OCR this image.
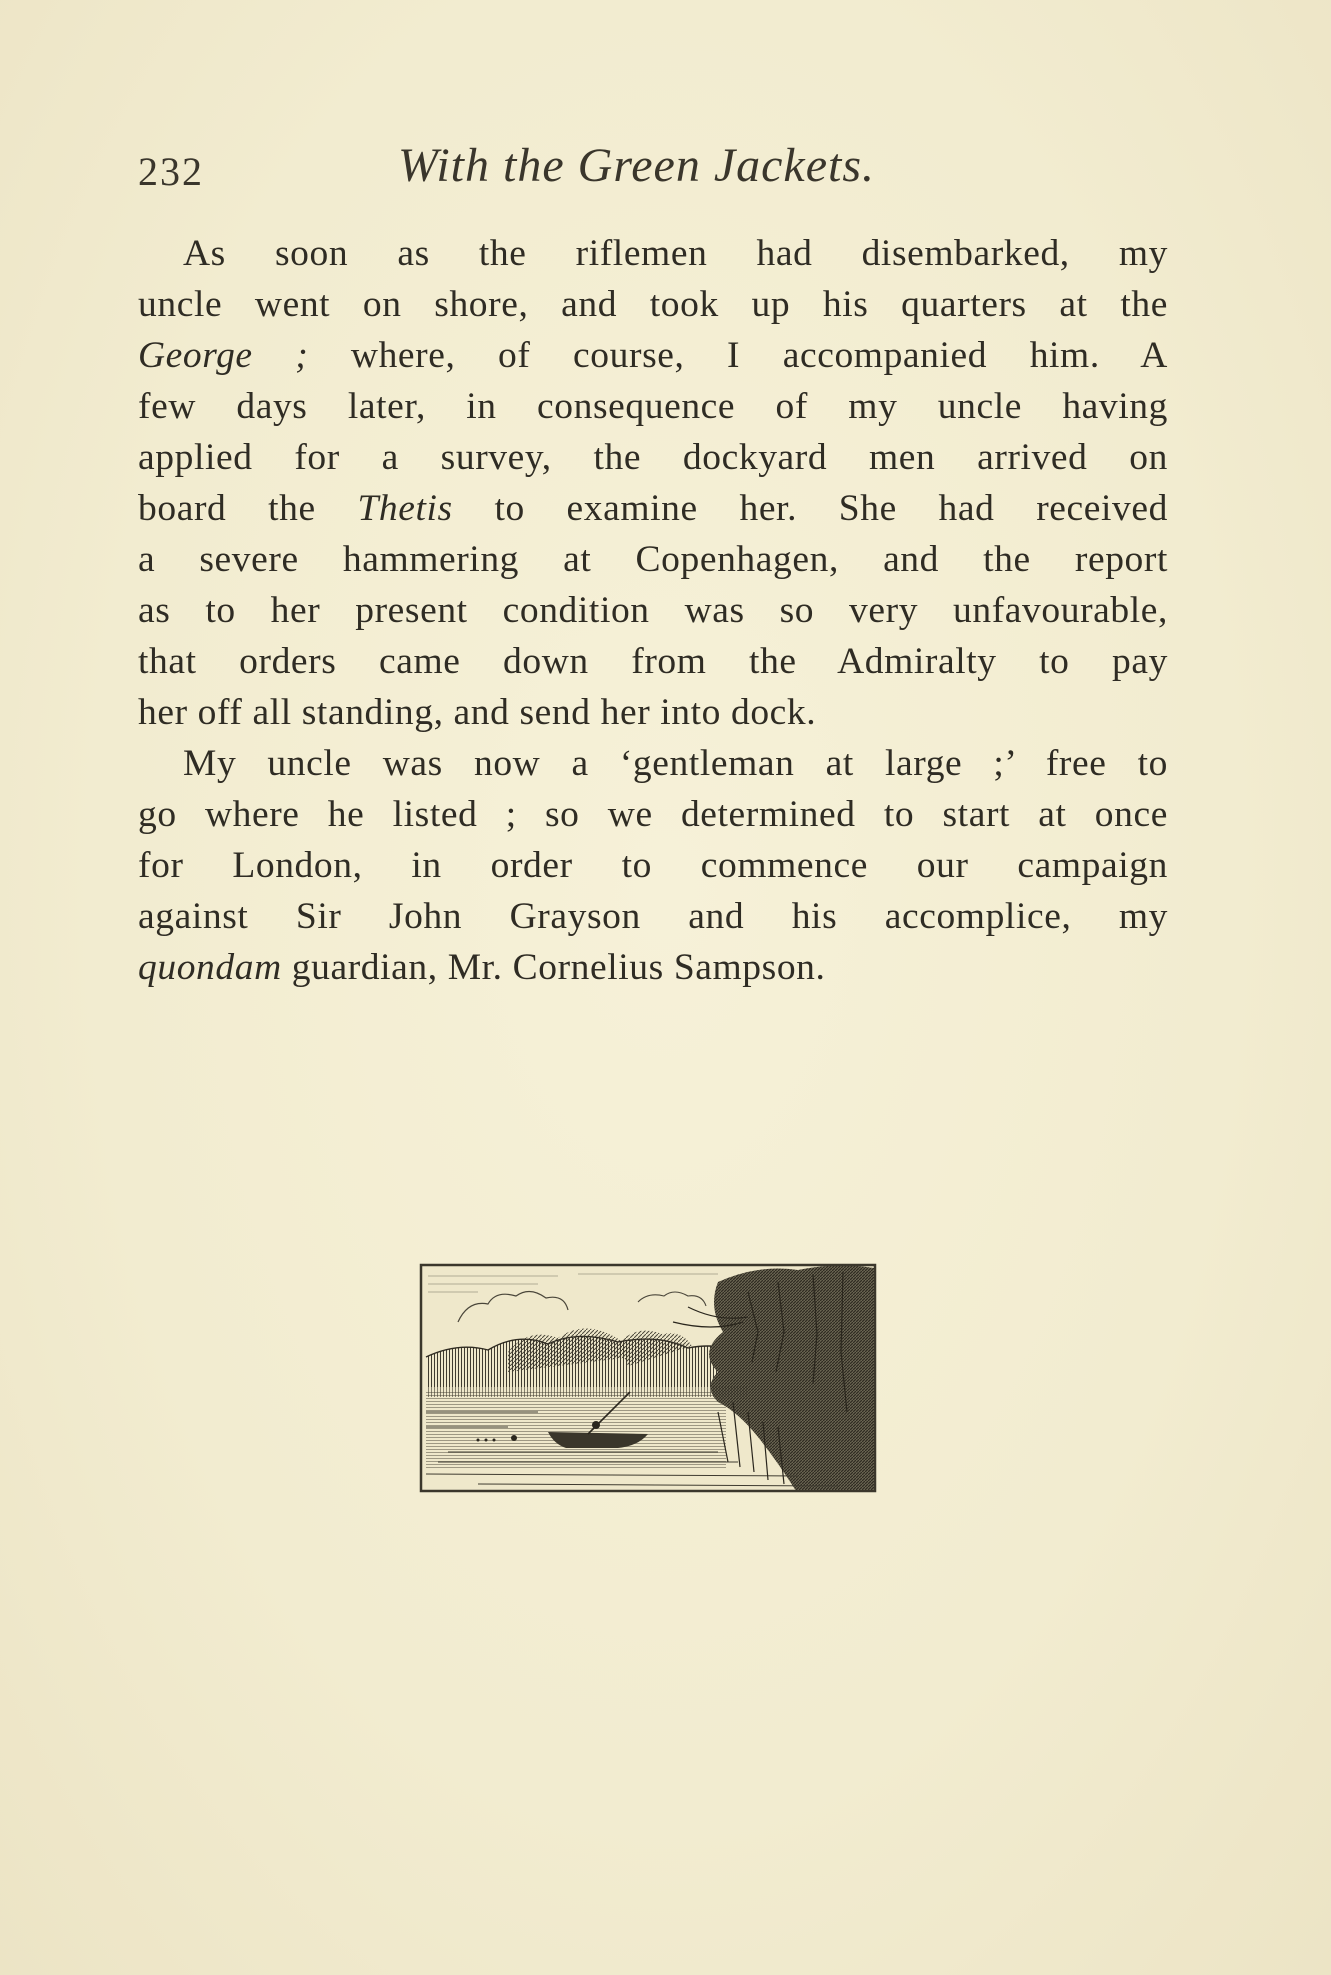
232	With the Green Jackets.

As soon as the riflemen had disembarked, my
uncle went on shore, and took up his quarters at the
George ; where, of course, I accompanied him. A
few days later, in consequence of my uncle having
applied for a survey, the dockyard men arrived on
board the Thetis to examine her. She had received
a severe hammering at Copenhagen, and the report
as to her present condition was so very unfavourable,
that orders came down from the Admiralty to pay
her off all standing, and send her into dock.

My uncle was now a ‘gentleman at large ;’ free to
go where he listed ; so we determined to start at once
for London, in order to commence our campaign
against Sir John Grayson and his accomplice, my
quondam guardian, Mr. Cornelius Sampson.
